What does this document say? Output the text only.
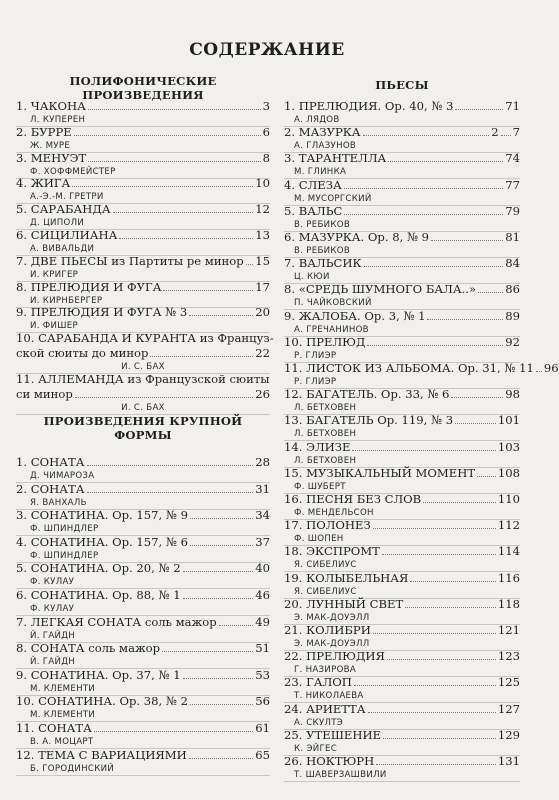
СОДЕРЖАНИЕ
ПОЛИФОНИЧЕСКИЕ ПРОИЗВЕДЕНИЯ
1. ЧАКОНА	3
Л. КУПЕРЕН
2. БУРРЕ	6
Ж. МУРЕ
3. МЕНУЭТ	8
Ф. ХОФФМЕЙСТЕР
4. ЖИГА	10
А.-Э.-М. ГРЕТРИ
5. САРАБАНДА	12
Д. ЦИПОЛИ
6. СИЦИЛИАНА	13
А. ВИВАЛЬДИ
7. ДВЕ ПЬЕСЫ из Партиты ре минор 15
И. КРИГЕР
8. ПРЕЛЮДИЯ И ФУГА	17
И. КИРНБЕРГЕР
9. ПРЕЛЮДИЯ И ФУГА № 3	20
И. ФИШЕР
10. САРАБАНДА И КУРАНТА из Француз-
ской сюиты до минор	22
И. С. БАХ
11. АЛЛЕМАНДА из Французской сюиты
си минор	26
И. С. БАХ
ПРОИЗВЕДЕНИЯ КРУПНОЙ ФОРМЫ
1. СОНАТА	28
Д. ЧИМАРОЗА
2. СОНАТА	31
Я. ВАНХАЛЬ
3. СОНАТИНА. Ор. 157, № 9	34
Ф. ШПИНДЛЕР
4. СОНАТИНА. Ор. 157, № 6	37
Ф. ШПИНДЛЕР
5. СОНАТИНА. Ор. 20, № 2	40
Ф. КУЛАУ
6. СОНАТИНА. Ор. 88, № 1	46
Ф. КУЛАУ
7. ЛЕГКАЯ СОНАТА соль мажор	49
Й. ГАЙДН
8. СОНАТА соль мажор	51
Й. ГАЙДН
9. СОНАТИНА. Ор. 37, № 1	53
М. КЛЕМЕНТИ
10. СОНАТИНА. Ор. 38, № 2	56
М. КЛЕМЕНТИ
11. СОНАТА	61
В. А. МОЦАРТ
12. ТЕМА С ВАРИАЦИЯМИ	65
Б. ГОРОДИНСКИЙ
ПЬЕСЫ
1. ПРЕЛЮДИЯ. Ор. 40, № 3	71
А. ЛЯДОВ
2. МАЗУРКА	2 7
А. ГЛАЗУНОВ
3. ТАРАНТЕЛЛА	74
М. ГЛИНКА
4. СЛЕЗА	77
М. МУСОРГСКИЙ
5. ВАЛЬС	79
В. РЕБИКОВ
6. МАЗУРКА. Ор. 8, № 9	81
В. РЕБИКОВ
7. ВАЛЬСИК	84
Ц. КЮИ
8. «СРЕДЬ ШУМНОГО БАЛА..»	86
П. ЧАЙКОВСКИЙ
9. ЖАЛОБА. Ор. 3, № 1	89
А. ГРЕЧАНИНОВ
10. ПРЕЛЮД	92
Р. ГЛИЭР
11. ЛИСТОК ИЗ АЛЬБОМА. Ор. 31, № 11 96
Р. ГЛИЭР
12. БАГАТЕЛЬ. Ор. 33, № 6	98
Л. БЕТХОВЕН
13. БАГАТЕЛЬ Ор. 119, № 3	101
Л. БЕТХОВЕН
14. ЭЛИЗЕ	103
Л. БЕТХОВЕН
15. МУЗЫКАЛЬНЫЙ МОМЕНТ 108
Ф. ШУБЕРТ
16. ПЕСНЯ БЕЗ СЛОВ	110
Ф. МЕНДЕЛЬСОН
17. ПОЛОНЕЗ	112
Ф. ШОПЕН
18. ЭКСПРОМТ	114
Я. СИБЕЛИУС
19. КОЛЫБЕЛЬНАЯ	116
Я. СИБЕЛИУС
20. ЛУННЫЙ СВЕТ	118
Э. МАК-ДОУЭЛЛ
21. КОЛИБРИ	121
Э. МАК-ДОУЭЛЛ
22. ПРЕЛЮДИЯ	123
Г. НАЗИРОВА
23. ГАЛОП	125
Т. НИКОЛАЕВА
24. АРИЕТТА	127
А. СКУЛТЭ
25. УТЕШЕНИЕ	129
К. ЭЙГЕС
26. НОКТЮРН	131
Т. ШАВЕРЗАШВИЛИ
